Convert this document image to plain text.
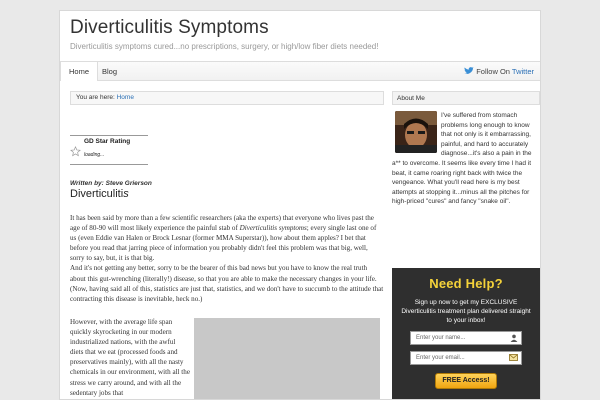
Diverticulitis Symptoms
Diverticulitis symptoms cured...no prescriptions, surgery, or high/low fiber diets needed!
Home	Blog	Follow On Twitter
You are here: Home
GD Star Rating
loading...
Written by: Steve Grierson
Diverticulitis

It has been said by more than a few scientific researchers (aka the experts) that everyone who lives past the age of 80-90 will most likely experience the painful stab of Diverticulitis symptoms; every single last one of us (even Eddie van Halen or Brock Lesnar (former MMA Superstar)), how about them apples? I bet that before you read that jarring piece of information you probably didn't feel this problem was that big, well, sorry to say, but, it is that big.

And it's not getting any better, sorry to be the bearer of this bad news but you have to know the real truth about this gut-wrenching (literally!) disease, so that you are able to make the necessary changes in your life. (Now, having said all of this, statistics are just that, statistics, and we don't have to succumb to the attitude that contracting this disease is inevitable, heck no.)

However, with the average life span quickly skyrocketing in our modern industrialized nations, with the awful diets that we eat (processed foods and preservatives mainly), with all the nasty chemicals in our environment, with all the stress we carry around, and with all the sedentary jobs that
About Me
I've suffered from stomach problems long enough to know that not only is it embarrassing, painful, and hard to accurately diagnose...it's also a pain in the a** to overcome. It seems like every time I had it beat, it came roaring right back with twice the vengeance. What you'll read here is my best attempts at stopping it...minus all the pitches for high-priced "cures" and fancy "snake oil".
Need Help?
Sign up now to get my EXCLUSIVE Diverticulitis treatment plan delivered straight to your inbox!
Enter your name...
Enter your email...
FREE Access!
